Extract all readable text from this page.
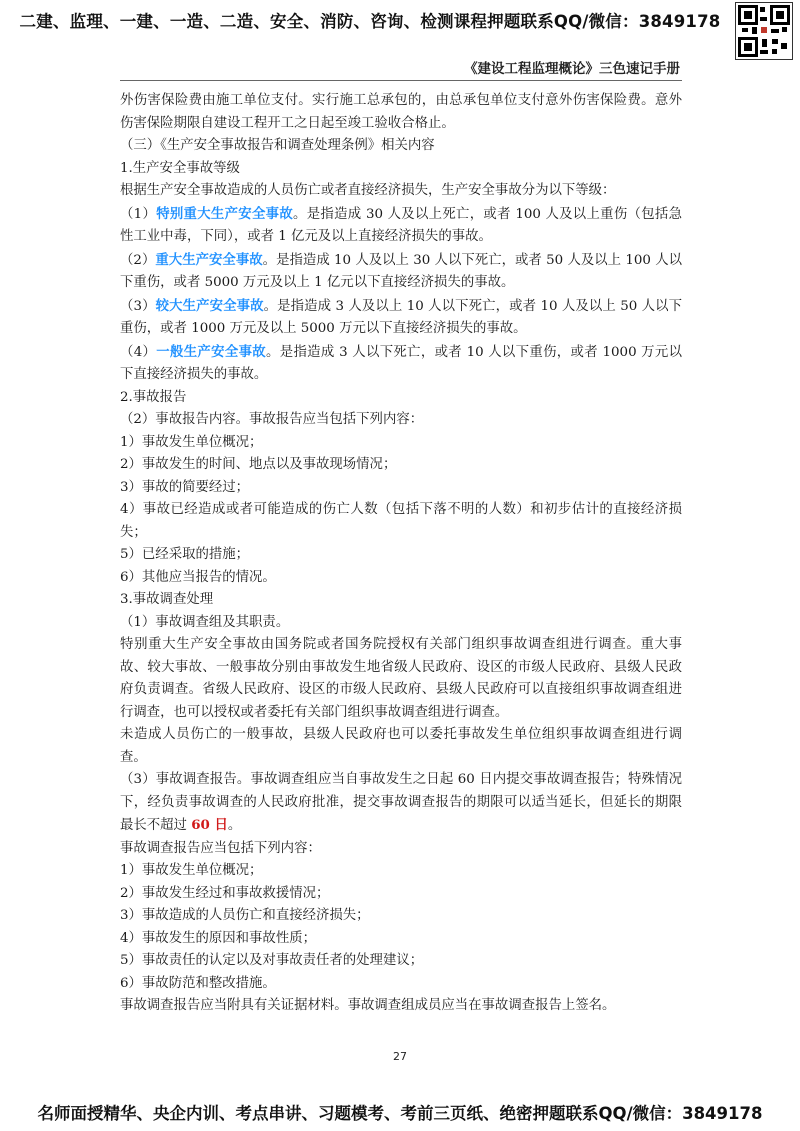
二建、监理、一建、一造、二造、安全、消防、咨询、检测课程押题联系QQ/微信：3849178
《建设工程监理概论》三色速记手册

外伤害保险费由施工单位支付。实行施工总承包的，由总承包单位支付意外伤害保险费。意外伤害保险期限自建设工程开工之日起至竣工验收合格止。

（三）《生产安全事故报告和调查处理条例》相关内容

1.生产安全事故等级

根据生产安全事故造成的人员伤亡或者直接经济损失，生产安全事故分为以下等级：

（1）特别重大生产安全事故。是指造成 30 人及以上死亡，或者 100 人及以上重伤（包括急性工业中毒，下同），或者 1 亿元及以上直接经济损失的事故。

（2）重大生产安全事故。是指造成 10 人及以上 30 人以下死亡，或者 50 人及以上 100 人以下重伤，或者 5000 万元及以上 1 亿元以下直接经济损失的事故。

（3）较大生产安全事故。是指造成 3 人及以上 10 人以下死亡，或者 10 人及以上 50 人以下重伤，或者 1000 万元及以上 5000 万元以下直接经济损失的事故。

（4）一般生产安全事故。是指造成 3 人以下死亡，或者 10 人以下重伤，或者 1000 万元以下直接经济损失的事故。

2.事故报告

（2）事故报告内容。事故报告应当包括下列内容：

1）事故发生单位概况；

2）事故发生的时间、地点以及事故现场情况；

3）事故的简要经过；

4）事故已经造成或者可能造成的伤亡人数（包括下落不明的人数）和初步估计的直接经济损失；

5）已经采取的措施；

6）其他应当报告的情况。

3.事故调查处理

（1）事故调查组及其职责。

特别重大生产安全事故由国务院或者国务院授权有关部门组织事故调查组进行调查。重大事故、较大事故、一般事故分别由事故发生地省级人民政府、设区的市级人民政府、县级人民政府负责调查。省级人民政府、设区的市级人民政府、县级人民政府可以直接组织事故调查组进行调查，也可以授权或者委托有关部门组织事故调查组进行调查。

未造成人员伤亡的一般事故，县级人民政府也可以委托事故发生单位组织事故调查组进行调查。

（3）事故调查报告。事故调查组应当自事故发生之日起 60 日内提交事故调查报告；特殊情况下，经负责事故调查的人民政府批准，提交事故调查报告的期限可以适当延长，但延长的期限最长不超过 60 日。

事故调查报告应当包括下列内容：

1）事故发生单位概况；

2）事故发生经过和事故救援情况；

3）事故造成的人员伤亡和直接经济损失；

4）事故发生的原因和事故性质；

5）事故责任的认定以及对事故责任者的处理建议；

6）事故防范和整改措施。

事故调查报告应当附具有关证据材料。事故调查组成员应当在事故调查报告上签名。

27
名师面授精华、央企内训、考点串讲、习题模考、考前三页纸、绝密押题联系QQ/微信：3849178
